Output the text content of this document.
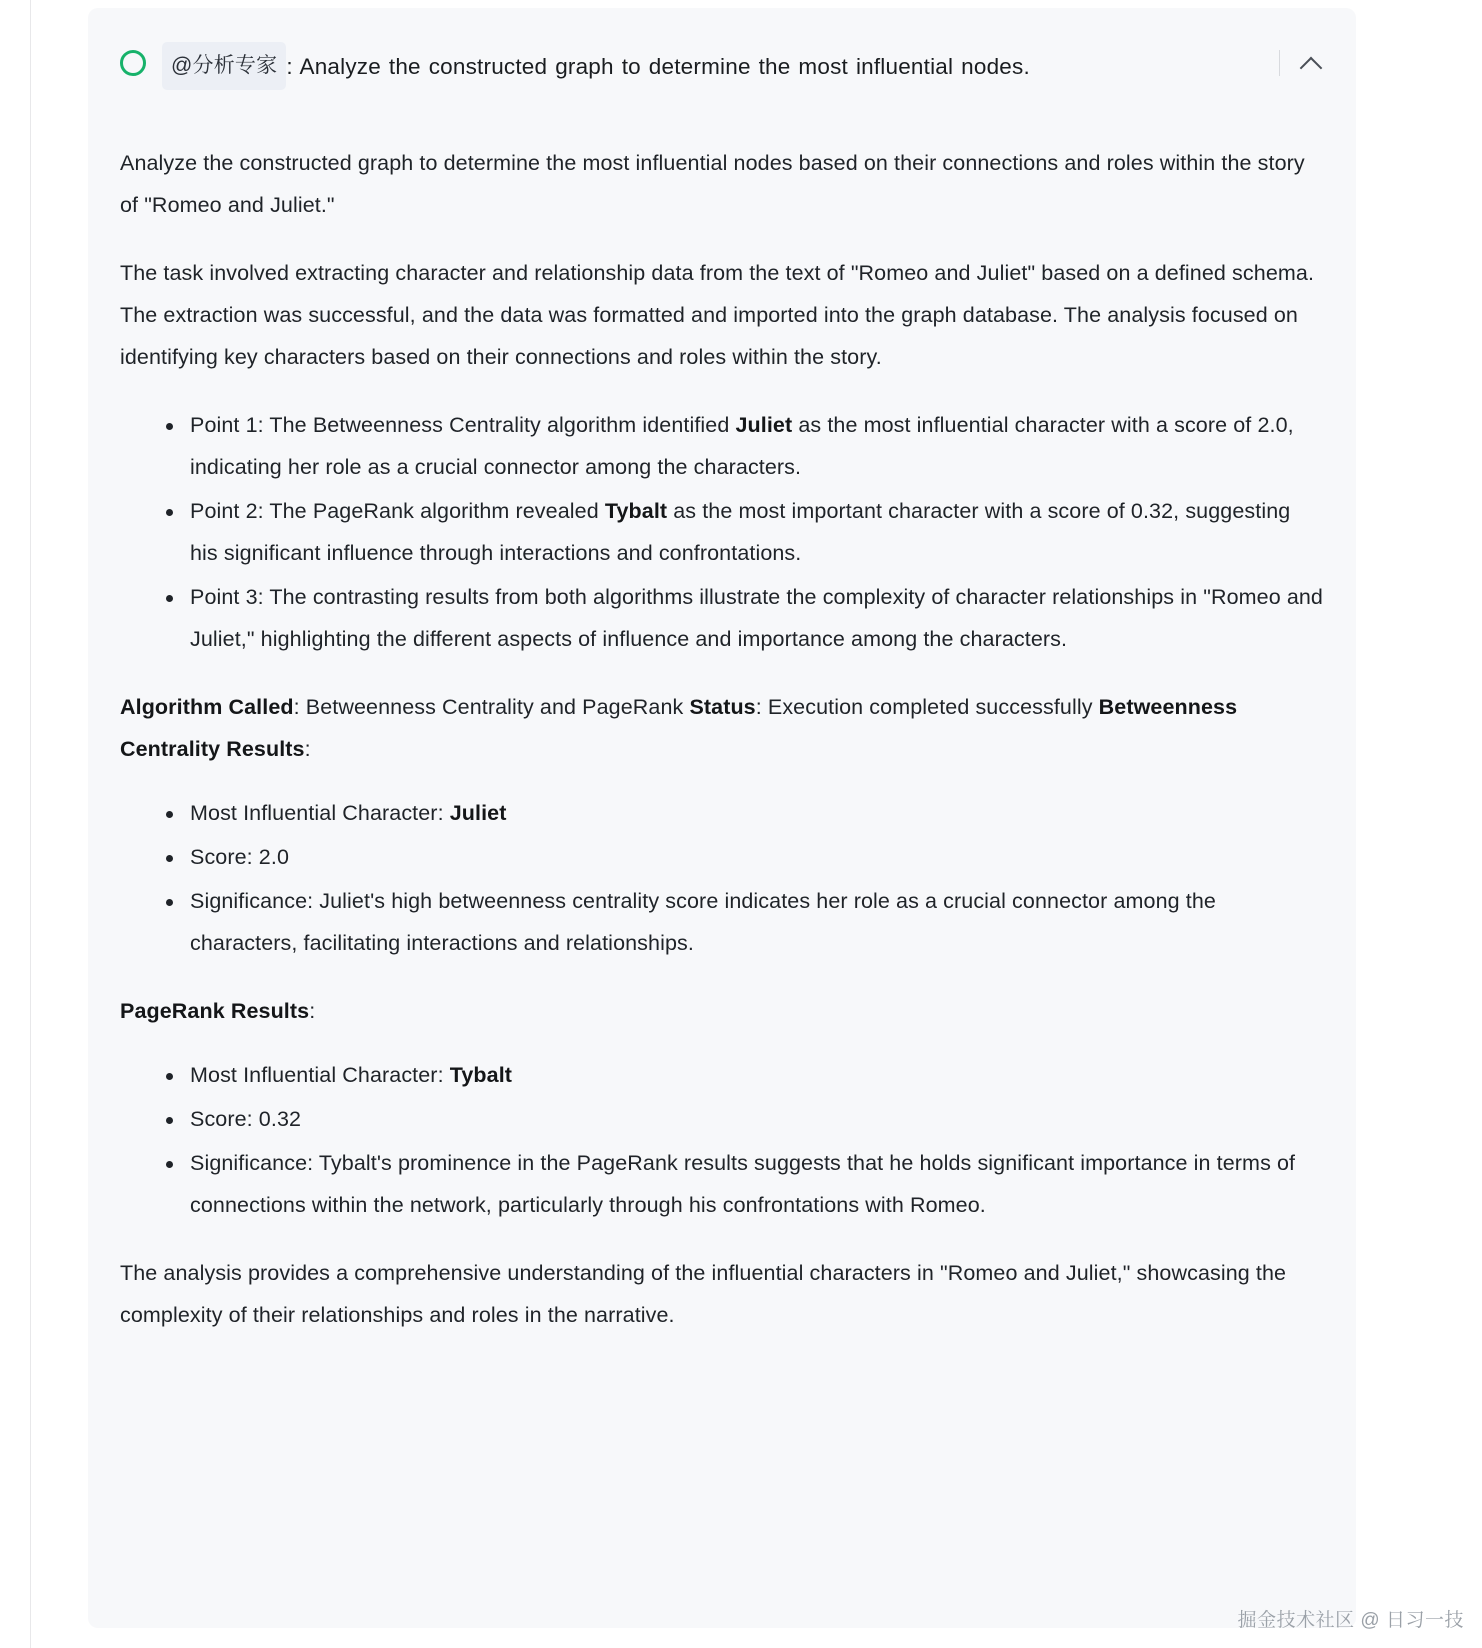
@分析专家 : Analyze the constructed graph to determine the most influential nodes.

Analyze the constructed graph to determine the most influential nodes based on their connections and roles within the story of "Romeo and Juliet."

The task involved extracting character and relationship data from the text of "Romeo and Juliet" based on a defined schema. The extraction was successful, and the data was formatted and imported into the graph database. The analysis focused on identifying key characters based on their connections and roles within the story.

Point 1: The Betweenness Centrality algorithm identified Juliet as the most influential character with a score of 2.0, indicating her role as a crucial connector among the characters.
Point 2: The PageRank algorithm revealed Tybalt as the most important character with a score of 0.32, suggesting his significant influence through interactions and confrontations.
Point 3: The contrasting results from both algorithms illustrate the complexity of character relationships in "Romeo and Juliet," highlighting the different aspects of influence and importance among the characters.

Algorithm Called: Betweenness Centrality and PageRank Status: Execution completed successfully Betweenness Centrality Results:

Most Influential Character: Juliet
Score: 2.0
Significance: Juliet's high betweenness centrality score indicates her role as a crucial connector among the characters, facilitating interactions and relationships.

PageRank Results:

Most Influential Character: Tybalt
Score: 0.32
Significance: Tybalt's prominence in the PageRank results suggests that he holds significant importance in terms of connections within the network, particularly through his confrontations with Romeo.

The analysis provides a comprehensive understanding of the influential characters in "Romeo and Juliet," showcasing the complexity of their relationships and roles in the narrative.

掘金技术社区 @ 日习一技
